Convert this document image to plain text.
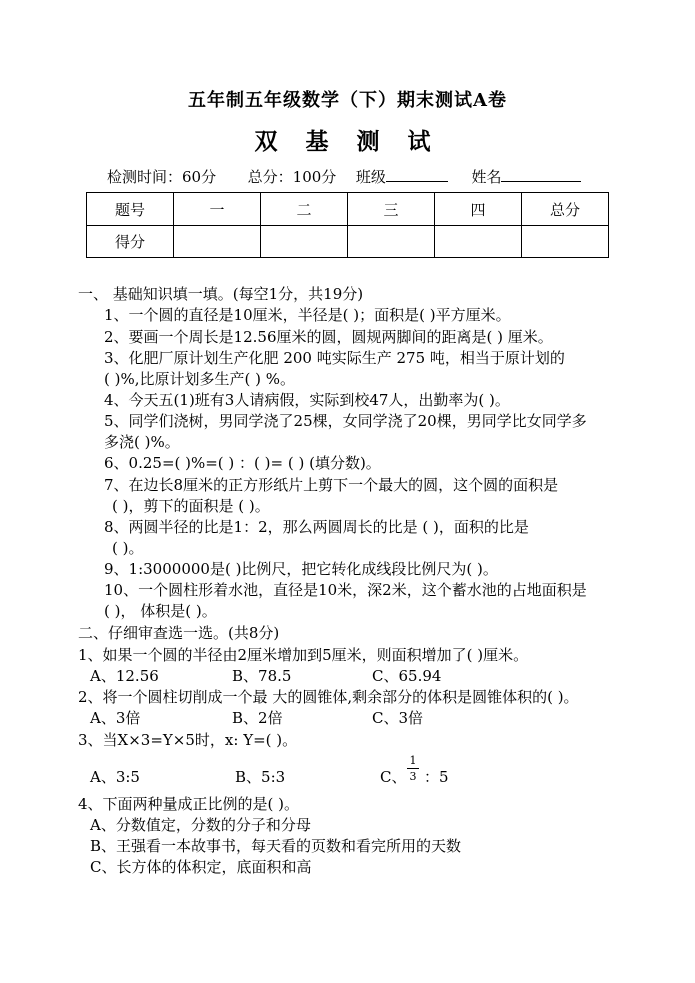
五年制五年级数学（下）期末测试A卷
双 基 测 试
检测时间：60分 总分：100分 班级	姓名
题号	一	二	三	四	总分
得分					
一、 基础知识填一填。(每空1分，共19分)
1、一个圆的直径是10厘米，半径是( )；面积是( )平方厘米。
2、要画一个周长是12.56厘米的圆，圆规两脚间的距离是( ) 厘米。
3、化肥厂原计划生产化肥 200 吨实际生产 275 吨，相当于原计划的
( )%,比原计划多生产( ) %。
4、今天五(1)班有3人请病假，实际到校47人，出勤率为( )。
5、同学们浇树，男同学浇了25棵，女同学浇了20棵，男同学比女同学多
多浇( )%。
6、0.25=( )%=( ) ：( )= ( ) (填分数)。
7、在边长8厘米的正方形纸片上剪下一个最大的圆，这个圆的面积是
( )，剪下的面积是 ( )。
8、两圆半径的比是1：2，那么两圆周长的比是 ( )，面积的比是
( )。
9、1:3000000是( )比例尺，把它转化成线段比例尺为( )。
10、一个圆柱形着水池，直径是10米，深2米，这个蓄水池的占地面积是
( )， 体积是( )。
二、仔细审查选一选。(共8分)
1、如果一个圆的半径由2厘米增加到5厘米，则面积增加了( )厘米。
A、12.56	B、78.5	C、65.94
2、将一个圆柱切削成一个最 大的圆锥体,剩余部分的体积是圆锥体积的( )。
A、3倍	B、2倍	C、3倍
3、当X×3=Y×5时，x: Y=( )。
A、3:5	B、5:3	C、
1
3 ：5
4、下面两种量成正比例的是( )。
A、分数值定，分数的分子和分母
B、王强看一本故事书，每天看的页数和看完所用的天数
C、长方体的体积定，底面积和高
